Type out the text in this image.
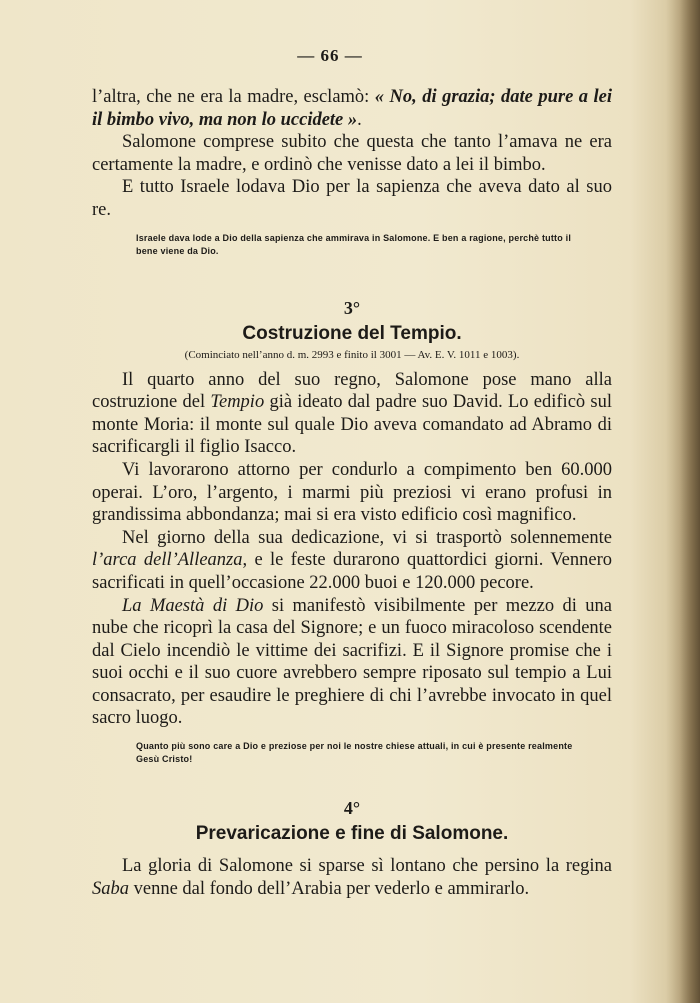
— 66 —

l’altra, che ne era la madre, esclamò: « No, di grazia; date pure a lei il bimbo vivo, ma non lo uccidete ».

Salomone comprese subito che questa che tanto l’amava ne era certamente la madre, e ordinò che venisse dato a lei il bimbo.

E tutto Israele lodava Dio per la sapienza che aveva dato al suo re.

Israele dava lode a Dio della sapienza che ammirava in Salomone. E ben a ragione, perchè tutto il bene viene da Dio.
3°
Costruzione del Tempio.
(Cominciato nell’anno d. m. 2993 e finito il 3001 — Av. E. V. 1011 e 1003).

Il quarto anno del suo regno, Salomone pose mano alla costruzione del Tempio già ideato dal padre suo David. Lo edificò sul monte Moria: il monte sul quale Dio aveva comandato ad Abramo di sacrificargli il figlio Isacco.

Vi lavorarono attorno per condurlo a compimento ben 60.000 operai. L’oro, l’argento, i marmi più preziosi vi erano profusi in grandissima abbondanza; mai si era visto edificio così magnifico.

Nel giorno della sua dedicazione, vi si trasportò solennemente l’arca dell’Alleanza, e le feste durarono quattordici giorni. Vennero sacrificati in quell’occasione 22.000 buoi e 120.000 pecore.

La Maestà di Dio si manifestò visibilmente per mezzo di una nube che ricoprì la casa del Signore; e un fuoco miracoloso scendente dal Cielo incendiò le vittime dei sacrifizi. E il Signore promise che i suoi occhi e il suo cuore avrebbero sempre riposato sul tempio a Lui consacrato, per esaudire le preghiere di chi l’avrebbe invocato in quel sacro luogo.

Quanto più sono care a Dio e preziose per noi le nostre chiese attuali, in cui è presente realmente Gesù Cristo!
4°
Prevaricazione e fine di Salomone.

La gloria di Salomone si sparse sì lontano che persino la regina Saba venne dal fondo dell’Arabia per vederlo e ammirarlo.
